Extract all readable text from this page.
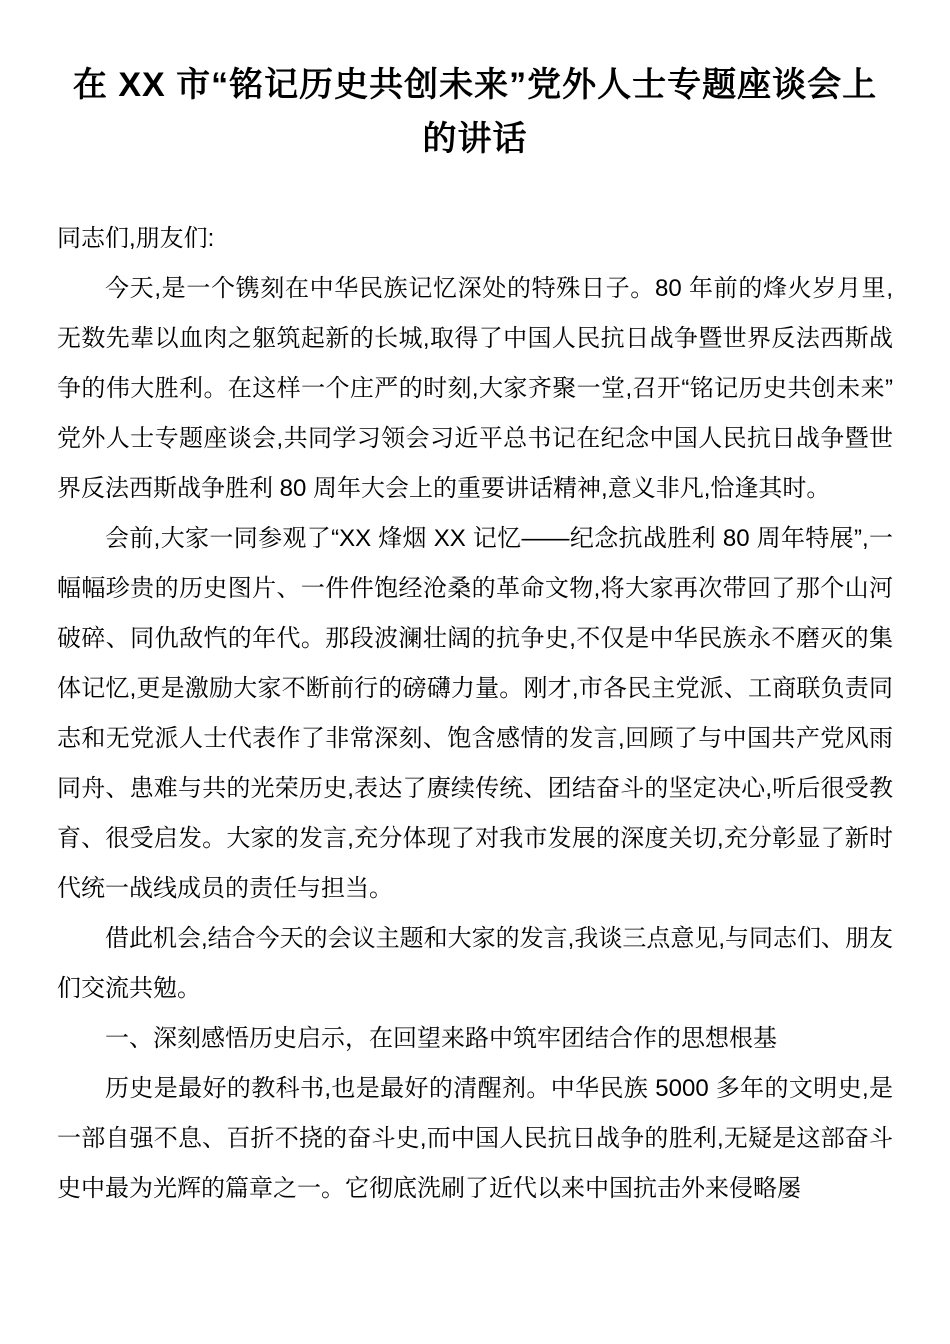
在 XX 市“铭记历史共创未来”党外人士专题座谈会上的讲话

同志们,朋友们:

今天,是一个镌刻在中华民族记忆深处的特殊日子。80 年前的烽火岁月里,无数先辈以血肉之躯筑起新的长城,取得了中国人民抗日战争暨世界反法西斯战争的伟大胜利。在这样一个庄严的时刻,大家齐聚一堂,召开“铭记历史共创未来”党外人士专题座谈会,共同学习领会习近平总书记在纪念中国人民抗日战争暨世界反法西斯战争胜利 80 周年大会上的重要讲话精神,意义非凡,恰逢其时。

会前,大家一同参观了“XX 烽烟 XX 记忆——纪念抗战胜利 80 周年特展”,一幅幅珍贵的历史图片、一件件饱经沧桑的革命文物,将大家再次带回了那个山河破碎、同仇敌忾的年代。那段波澜壮阔的抗争史,不仅是中华民族永不磨灭的集体记忆,更是激励大家不断前行的磅礴力量。刚才,市各民主党派、工商联负责同志和无党派人士代表作了非常深刻、饱含感情的发言,回顾了与中国共产党风雨同舟、患难与共的光荣历史,表达了赓续传统、团结奋斗的坚定决心,听后很受教育、很受启发。大家的发言,充分体现了对我市发展的深度关切,充分彰显了新时代统一战线成员的责任与担当。

借此机会,结合今天的会议主题和大家的发言,我谈三点意见,与同志们、朋友们交流共勉。

一、深刻感悟历史启示，在回望来路中筑牢团结合作的思想根基

历史是最好的教科书,也是最好的清醒剂。中华民族 5000 多年的文明史,是一部自强不息、百折不挠的奋斗史,而中国人民抗日战争的胜利,无疑是这部奋斗史中最为光辉的篇章之一。它彻底洗刷了近代以来中国抗击外来侵略屡
